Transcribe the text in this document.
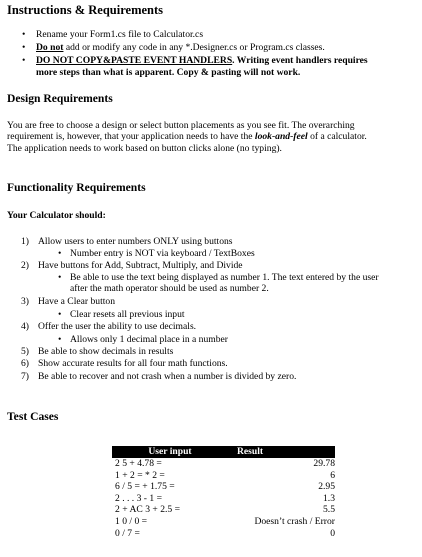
Instructions & Requirements
• Rename your Form1.cs file to Calculator.cs
• Do not add or modify any code in any *.Designer.cs or Program.cs classes.
• DO NOT COPY&PASTE EVENT HANDLERS. Writing event handlers requires
more steps than what is apparent. Copy & pasting will not work.
Design Requirements
You are free to choose a design or select button placements as you see fit. The overarching
requirement is, however, that your application needs to have the look-and-feel of a calculator.
The application needs to work based on button clicks alone (no typing).
Functionality Requirements
Your Calculator should:
1) Allow users to enter numbers ONLY using buttons
• Number entry is NOT via keyboard / TextBoxes
2) Have buttons for Add, Subtract, Multiply, and Divide
• Be able to use the text being displayed as number 1. The text entered by the user
after the math operator should be used as number 2.
3) Have a Clear button
• Clear resets all previous input
4) Offer the user the ability to use decimals.
• Allows only 1 decimal place in a number
5) Be able to show decimals in results
6) Show accurate results for all four math functions.
7) Be able to recover and not crash when a number is divided by zero.
Test Cases
User input	Result
2 5 + 4.78 =	29.78
1 + 2 = * 2 =	6
6 / 5 = + 1.75 =	2.95
2 . . . 3 - 1 =	1.3
2 + AC 3 + 2.5 =	5.5
1 0 / 0 =	Doesn’t crash / Error
0 / 7 =	0
